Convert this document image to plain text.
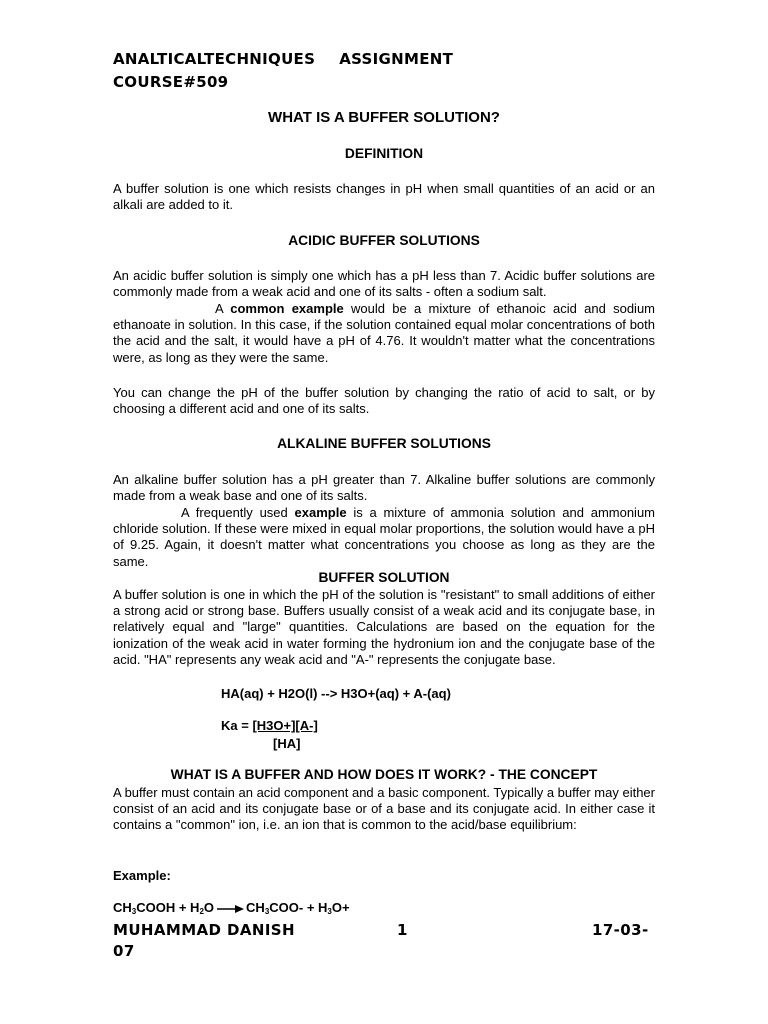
ANALTICALTECHNIQUES ASSIGNMENT
COURSE#509
WHAT IS A BUFFER SOLUTION?
DEFINITION

A buffer solution is one which resists changes in pH when small quantities of an acid or an alkali are added to it.

ACIDIC BUFFER SOLUTIONS

An acidic buffer solution is simply one which has a pH less than 7. Acidic buffer solutions are commonly made from a weak acid and one of its salts - often a sodium salt.

A common example would be a mixture of ethanoic acid and sodium ethanoate in solution. In this case, if the solution contained equal molar concentrations of both the acid and the salt, it would have a pH of 4.76. It wouldn't matter what the concentrations were, as long as they were the same.

You can change the pH of the buffer solution by changing the ratio of acid to salt, or by choosing a different acid and one of its salts.

ALKALINE BUFFER SOLUTIONS

An alkaline buffer solution has a pH greater than 7. Alkaline buffer solutions are commonly made from a weak base and one of its salts.

A frequently used example is a mixture of ammonia solution and ammonium chloride solution. If these were mixed in equal molar proportions, the solution would have a pH of 9.25. Again, it doesn't matter what concentrations you choose as long as they are the same.

BUFFER SOLUTION

A buffer solution is one in which the pH of the solution is "resistant" to small additions of either a strong acid or strong base. Buffers usually consist of a weak acid and its conjugate base, in relatively equal and "large" quantities. Calculations are based on the equation for the ionization of the weak acid in water forming the hydronium ion and the conjugate base of the acid. "HA" represents any weak acid and "A-" represents the conjugate base.

HA(aq) + H2O(l) --> H3O+(aq) + A-(aq)
Ka = [H3O+][A-]
[HA]
WHAT IS A BUFFER AND HOW DOES IT WORK? - THE CONCEPT

A buffer must contain an acid component and a basic component. Typically a buffer may either consist of an acid and its conjugate base or of a base and its conjugate acid. In either case it contains a "common" ion, i.e. an ion that is common to the acid/base equilibrium:

Example:
$CH_3COOH + H_2O\to CH_3COO- + H_3O+$
MUHAMMAD DANISH	1	17-03-
07
